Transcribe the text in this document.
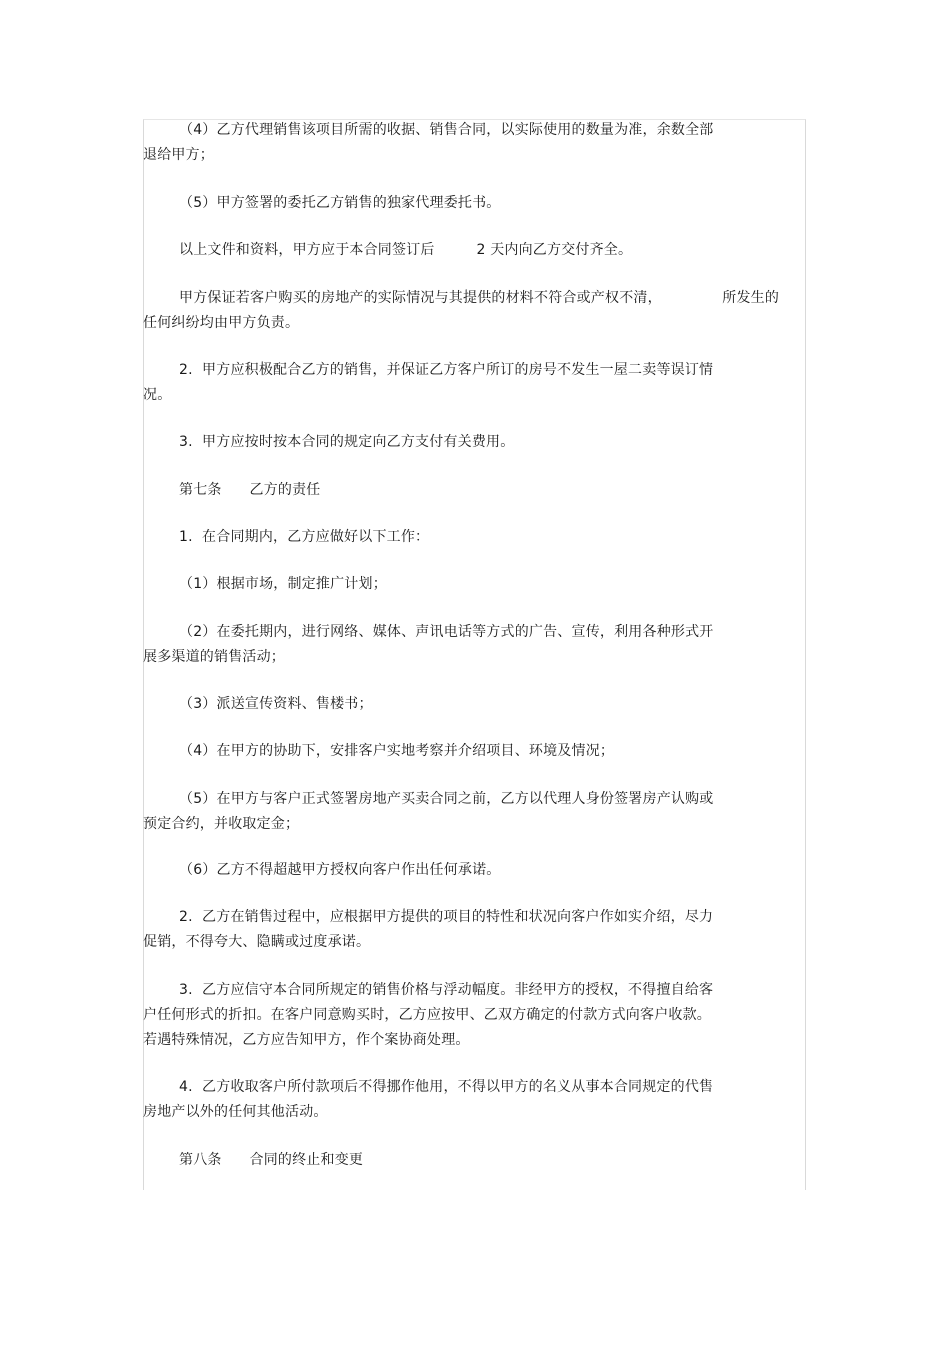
（4）乙方代理销售该项目所需的收据、销售合同，以实际使用的数量为准，余数全部
退给甲方；
（5）甲方签署的委托乙方销售的独家代理委托书。
以上文件和资料，甲方应于本合同签订后         2 天内向乙方交付齐全。
甲方保证若客户购买的房地产的实际情况与其提供的材料不符合或产权不清，             所发生的
任何纠纷均由甲方负责。
2.  甲方应积极配合乙方的销售，并保证乙方客户所订的房号不发生一屋二卖等误订情
况。
3.  甲方应按时按本合同的规定向乙方支付有关费用。
第七条      乙方的责任
1.  在合同期内，乙方应做好以下工作：
（1）根据市场，制定推广计划；
（2）在委托期内，进行网络、媒体、声讯电话等方式的广告、宣传，利用各种形式开
展多渠道的销售活动；
（3）派送宣传资料、售楼书；
（4）在甲方的协助下，安排客户实地考察并介绍项目、环境及情况；
（5）在甲方与客户正式签署房地产买卖合同之前，乙方以代理人身份签署房产认购或
预定合约，并收取定金；
（6）乙方不得超越甲方授权向客户作出任何承诺。
2.  乙方在销售过程中，应根据甲方提供的项目的特性和状况向客户作如实介绍，尽力
促销，不得夸大、隐瞒或过度承诺。
3.  乙方应信守本合同所规定的销售价格与浮动幅度。非经甲方的授权，不得擅自给客
户任何形式的折扣。在客户同意购买时，乙方应按甲、乙双方确定的付款方式向客户收款。
若遇特殊情况，乙方应告知甲方，作个案协商处理。
4.  乙方收取客户所付款项后不得挪作他用，不得以甲方的名义从事本合同规定的代售
房地产以外的任何其他活动。
第八条      合同的终止和变更
